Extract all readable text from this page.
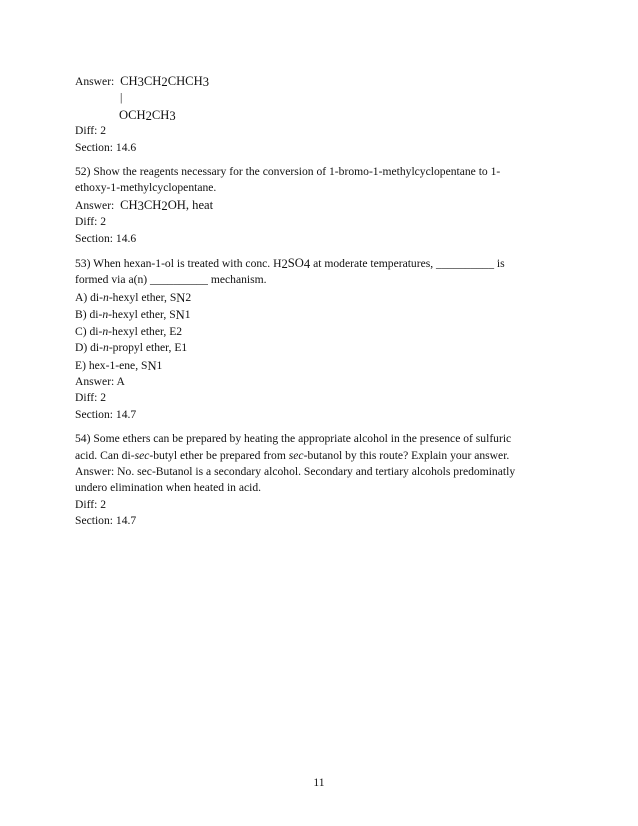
Answer: CH3CH2CHCH3
|
OCH2CH3
Diff: 2
Section: 14.6
52) Show the reagents necessary for the conversion of 1-bromo-1-methylcyclopentane to 1-
ethoxy-1-methylcyclopentane.
Answer: CH3CH2OH, heat
Diff: 2
Section: 14.6
53) When hexan-1-ol is treated with conc. H2SO4 at moderate temperatures, __________ is
formed via a(n) __________ mechanism.
A) di-n-hexyl ether, SN2
B) di-n-hexyl ether, SN1
C) di-n-hexyl ether, E2
D) di-n-propyl ether, E1
E) hex-1-ene, SN1
Answer: A
Diff: 2
Section: 14.7
54) Some ethers can be prepared by heating the appropriate alcohol in the presence of sulfuric
acid. Can di-sec-butyl ether be prepared from sec-butanol by this route? Explain your answer.
Answer: No. sec-Butanol is a secondary alcohol. Secondary and tertiary alcohols predominatly
undero elimination when heated in acid.
Diff: 2
Section: 14.7
11
